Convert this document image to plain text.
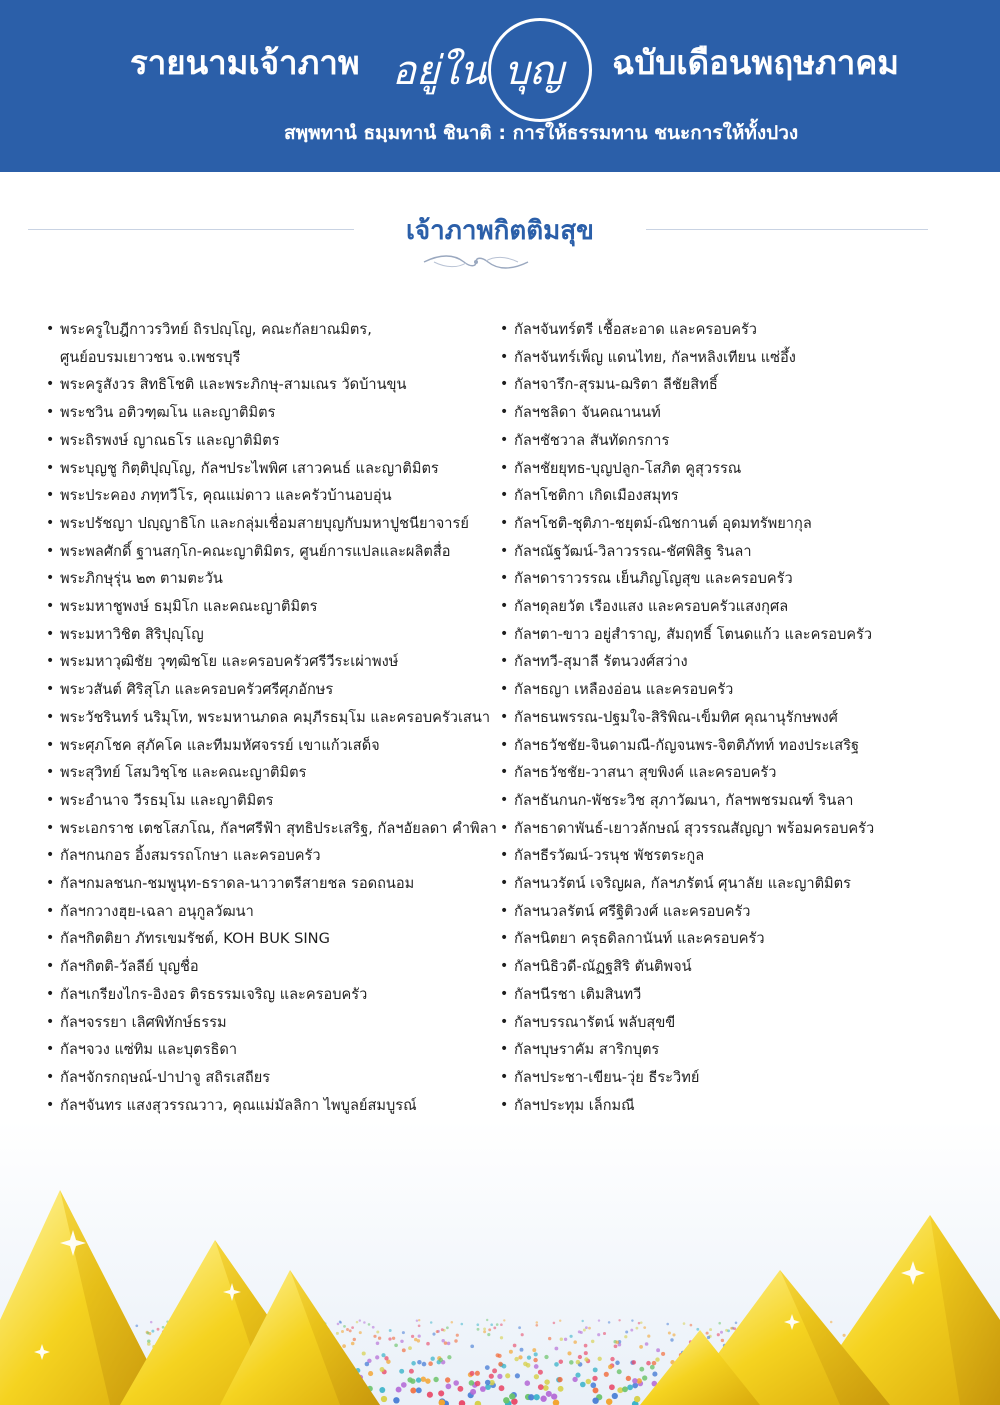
รายนามเจ้าภาพ อยู่ใน บุญ ฉบับเดือนพฤษภาคม
สพฺพทานํ ธมฺมทานํ ชินาติ : การให้ธรรมทาน ชนะการให้ทั้งปวง
เจ้าภาพกิตติมสุข
• พระครูใบฎีกาวรวิทย์ ถิรปญฺโญ, คณะกัลยาณมิตร,
ศูนย์อบรมเยาวชน จ.เพชรบุรี
• พระครูสังวร สิทธิโชติ และพระภิกษุ-สามเณร วัดบ้านขุน
• พระชวิน อติวฑฺฒโน และญาติมิตร
• พระถิรพงษ์ ญาณธโร และญาติมิตร
• พระบุญชู กิตฺติปุญฺโญ, กัลฯประไพพิศ เสาวคนธ์ และญาติมิตร
• พระประคอง ภทฺทวีโร, คุณแม่ดาว และครัวบ้านอบอุ่น
• พระปรัชญา ปญฺญาธิโก และกลุ่มเชื่อมสายบุญกับมหาปูชนียาจารย์
• พระพลศักดิ์ ฐานสกฺโก-คณะญาติมิตร, ศูนย์การแปลและผลิตสื่อ
• พระภิกษุรุ่น ๒๓ ตามตะวัน
• พระมหาชูพงษ์ ธมฺมิโก และคณะญาติมิตร
• พระมหาวิชิต สิริปุญฺโญ
• พระมหาวุฒิชัย วุฑฺฒิชโย และครอบครัวศรีวีระเผ่าพงษ์
• พระวสันต์ ศิริสุโภ และครอบครัวศรีศุภอักษร
• พระวัชรินทร์ นริมุโท, พระมหานภดล คมฺภีรธมฺโม และครอบครัวเสนา
• พระศุภโชค สุภัคโค และทีมมหัศจรรย์ เขาแก้วเสด็จ
• พระสุวิทย์ โสมวิชฺโช และคณะญาติมิตร
• พระอำนาจ วีรธมฺโม และญาติมิตร
• พระเอกราช เตชโสภโณ, กัลฯศรีฟ้า สุทธิประเสริฐ, กัลฯอัยลดา คำพิลา
• กัลฯกนกอร อิ้งสมรรถโกษา และครอบครัว
• กัลฯกมลชนก-ชมพูนุท-ธราดล-นาวาตรีสายชล รอดถนอม
• กัลฯกวางฮุย-เฉลา อนุกูลวัฒนา
• กัลฯกิตติยา ภัทรเขมรัชต์, KOH BUK SING
• กัลฯกิตติ-วัลลีย์ บุญชื่อ
• กัลฯเกรียงไกร-อิงอร ติรธรรมเจริญ และครอบครัว
• กัลฯจรรยา เลิศพิทักษ์ธรรม
• กัลฯจวง แซ่ทิม และบุตรธิดา
• กัลฯจักรกฤษณ์-ปาปาจู สถิรเสถียร
• กัลฯจันทร แสงสุวรรณวาว, คุณแม่มัลลิกา ไพบูลย์สมบูรณ์
• กัลฯจันทร์ตรี เชื้อสะอาด และครอบครัว
• กัลฯจันทร์เพ็ญ แดนไทย, กัลฯหลิงเทียน แซ่อึ้ง
• กัลฯจารึก-สุรมน-ฌริตา ลีชัยสิทธิ์
• กัลฯชลิดา จันคณานนท์
• กัลฯชัชวาล สันทัดกรการ
• กัลฯชัยยุทธ-บุญปลูก-โสภิต คูสุวรรณ
• กัลฯโชติกา เกิดเมืองสมุทร
• กัลฯโชติ-ชุติภา-ชยุตม์-ณิชกานต์ อุดมทรัพยากุล
• กัลฯณัฐวัฒน์-วิลาวรรณ-ชัศพิสิฐ รินลา
• กัลฯดาราวรรณ เย็นภิญโญสุข และครอบครัว
• กัลฯดุลยวัต เรืองแสง และครอบครัวแสงกุศล
• กัลฯตา-ขาว อยู่สำราญ, สัมฤทธิ์ โตนดแก้ว และครอบครัว
• กัลฯทวี-สุมาลี รัตนวงศ์สว่าง
• กัลฯธญา เหลืองอ่อน และครอบครัว
• กัลฯธนพรรณ-ปฐมใจ-สิริพิณ-เข็มทิศ คุณานุรักษพงศ์
• กัลฯธวัชชัย-จินดามณี-กัญจนพร-จิตติภัทท์ ทองประเสริฐ
• กัลฯธวัชชัย-วาสนา สุขพิงค์ และครอบครัว
• กัลฯธันกนก-พัชระวิช สุภาวัฒนา, กัลฯพชรมณฑ์ รินลา
• กัลฯธาดาพันธ์-เยาวลักษณ์ สุวรรณสัญญา พร้อมครอบครัว
• กัลฯธีรวัฒน์-วรนุช พัชรตระกูล
• กัลฯนวรัตน์ เจริญผล, กัลฯภรัตน์ ศุนาลัย และญาติมิตร
• กัลฯนวลรัตน์ ศรีฐิติวงศ์ และครอบครัว
• กัลฯนิตยา ครุธดิลกานันท์ และครอบครัว
• กัลฯนิธิวดี-ณัฏฐสิริ ตันติพจน์
• กัลฯนีรชา เติมสินทวี
• กัลฯบรรณารัตน์ พลับสุขขี
• กัลฯบุษราคัม สาริกบุตร
• กัลฯประชา-เขียน-วุ่ย ธีระวิทย์
• กัลฯประทุม เล็กมณี
